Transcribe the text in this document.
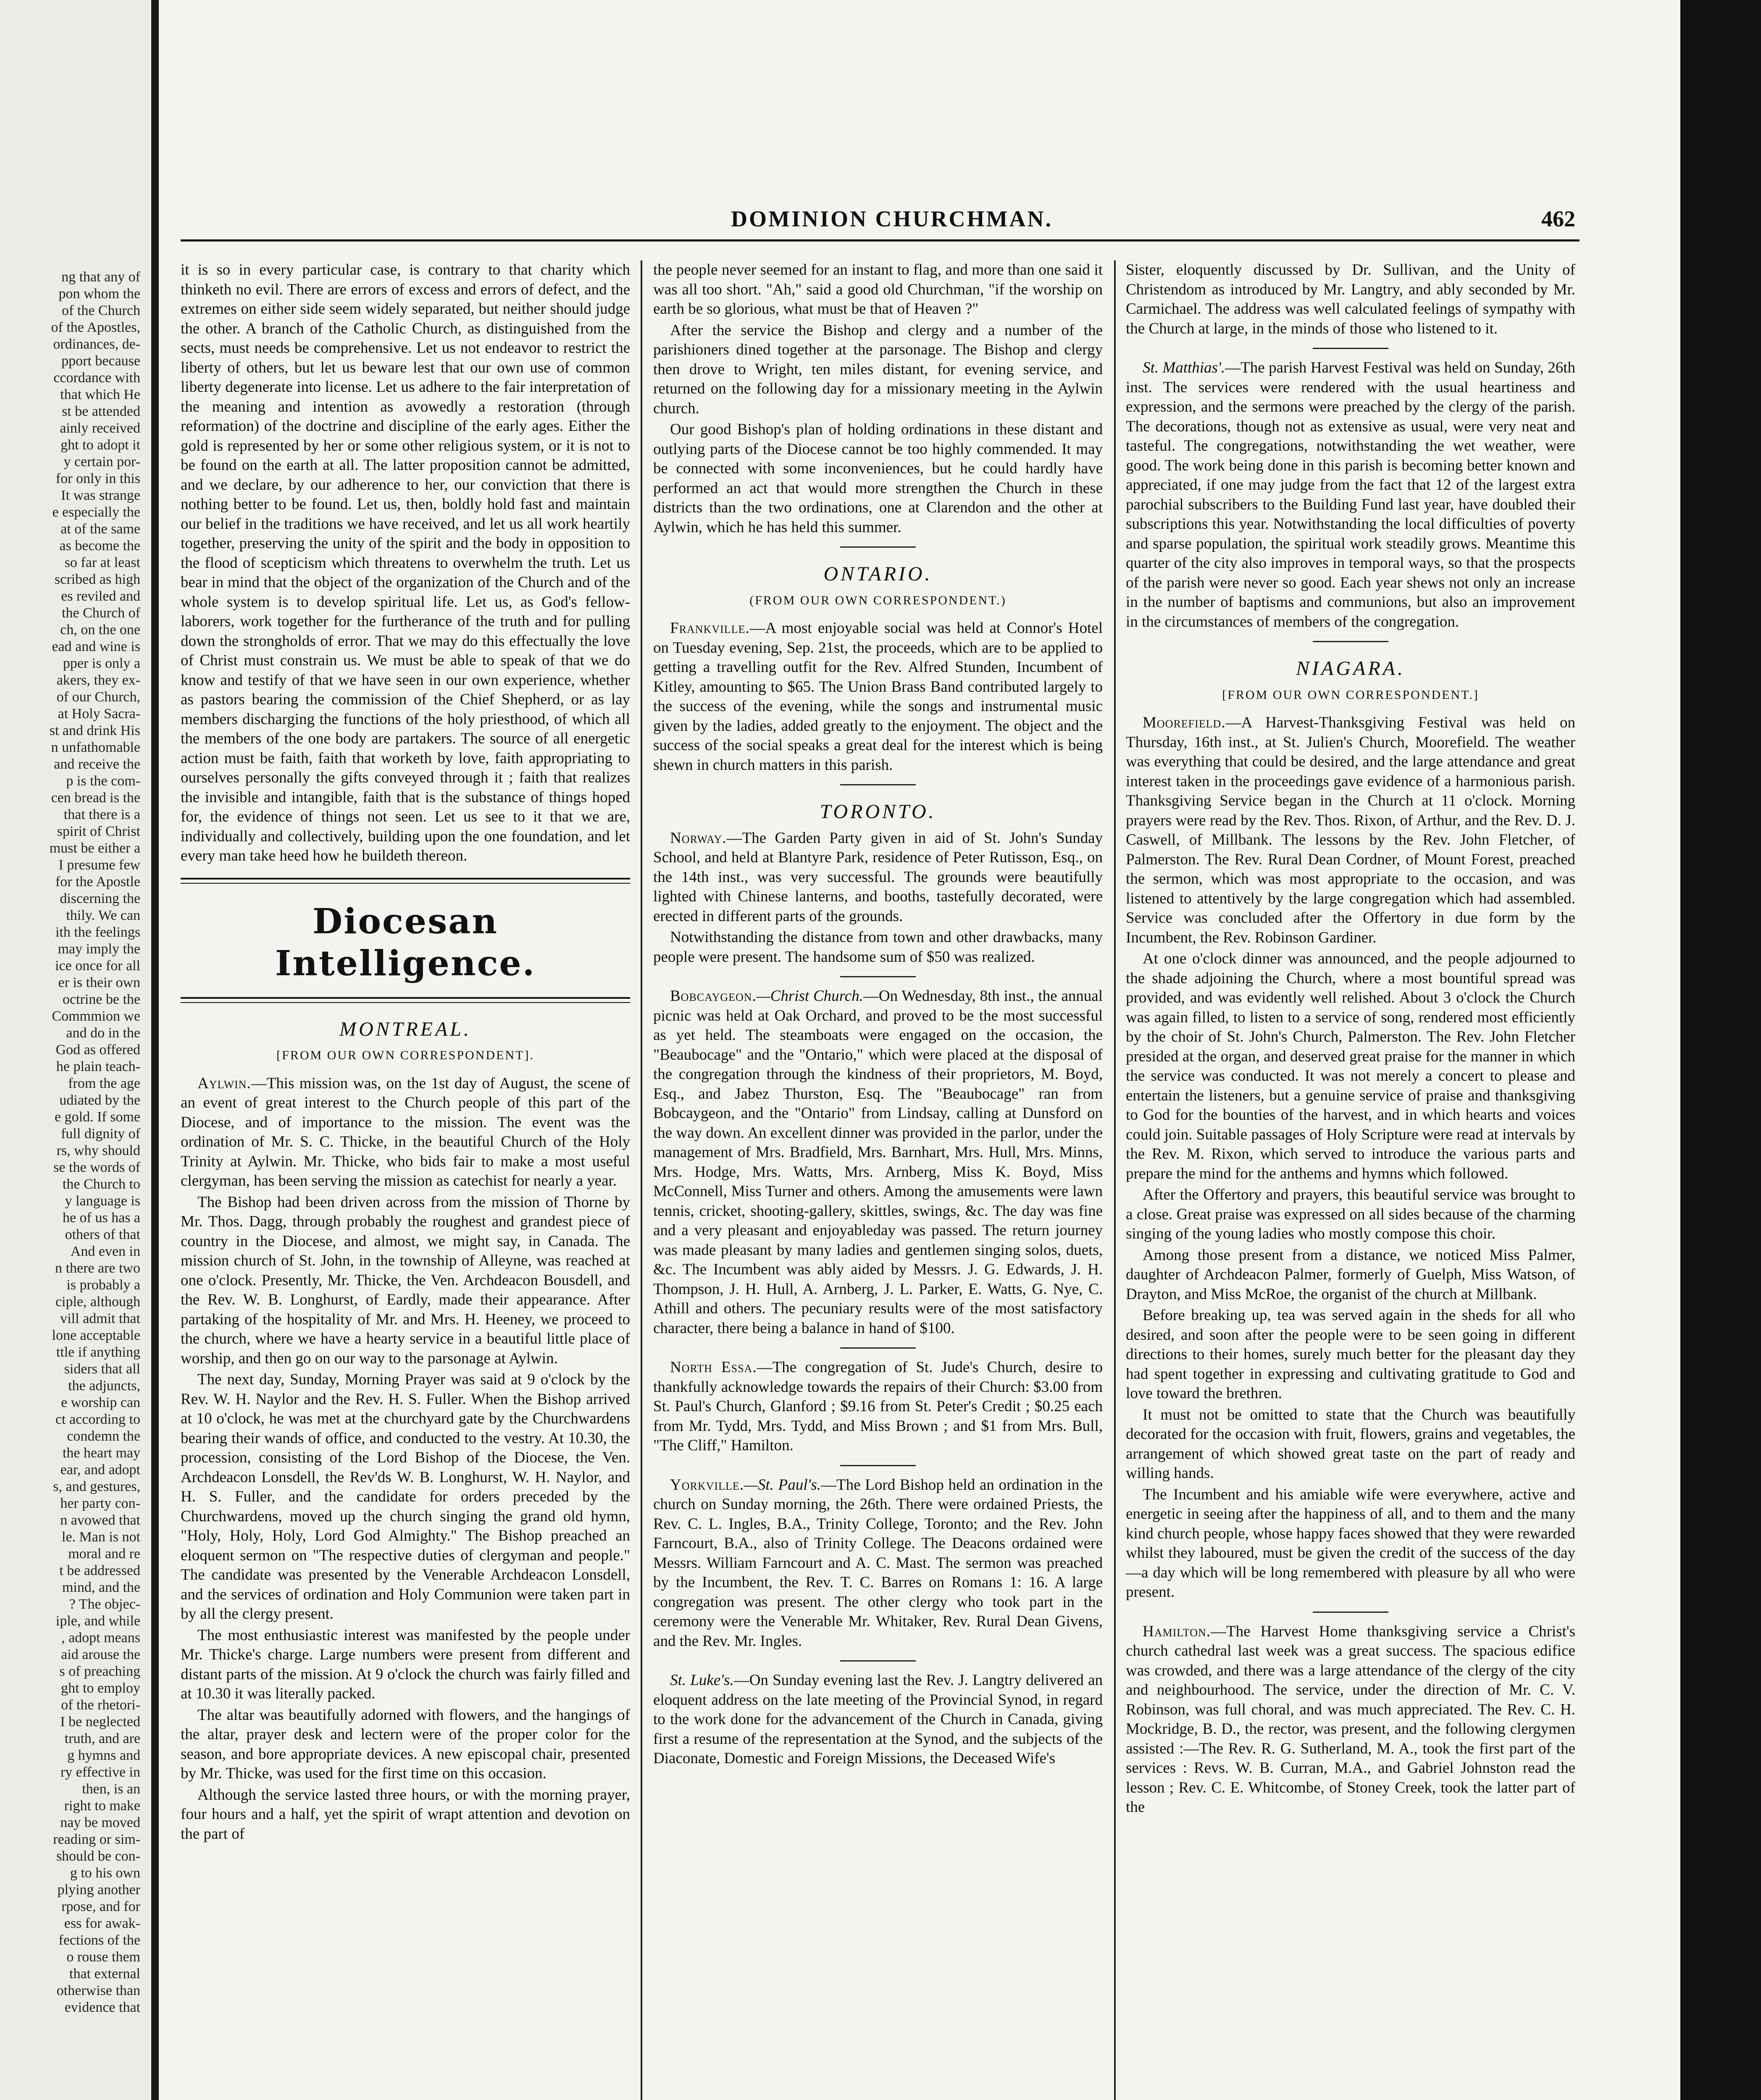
ng that any of
pon whom the
of the Church
of the Apostles,
ordinances, de-
pport because
ccordance with
that which He
st be attended
ainly received
ght to adopt it
y certain por-
for only in this
It was strange
e especially the
at of the same
as become the
so far at least
scribed as high
es reviled and
the Church of
ch, on the one
ead and wine is
pper is only a
akers, they ex-
of our Church,
at Holy Sacra-
st and drink His
n unfathomable
and receive the
p is the com-
cen bread is the
that there is a
spirit of Christ
must be either a
I presume few
for the Apostle
discerning the
thily. We can
ith the feelings
may imply the
ice once for all
er is their own
octrine be the
Commmion we
and do in the
God as offered
he plain teach-
from the age
udiated by the
e gold. If some
full dignity of
rs, why should
se the words of
the Church to
y language is
he of us has a
others of that
And even in
n there are two
is probably a
ciple, although
vill admit that
lone acceptable
ttle if anything
siders that all
the adjuncts,
e worship can
ct according to
condemn the
the heart may
ear, and adopt
s, and gestures,
her party con-
n avowed that
le. Man is not
moral and re
t be addressed
mind, and the
? The objec-
iple, and while
, adopt means
aid arouse the
s of preaching
ght to employ
of the rhetori-
I be neglected
truth, and are
g hymns and
ry effective in
then, is an
right to make
nay be moved
reading or sim-
should be con-
g to his own
plying another
rpose, and for
ess for awak-
fections of the
o rouse them
that external
otherwise than
evidence that
DOMINION CHURCHMAN.	462

it is so in every particular case, is contrary to that charity which thinketh no evil. There are errors of excess and errors of defect, and the extremes on either side seem widely separated, but neither should judge the other. A branch of the Catholic Church, as distinguished from the sects, must needs be comprehensive. Let us not endeavor to restrict the liberty of others, but let us beware lest that our own use of common liberty degenerate into license. Let us adhere to the fair interpretation of the meaning and intention as avowedly a restoration (through reformation) of the doctrine and discipline of the early ages. Either the gold is represented by her or some other religious system, or it is not to be found on the earth at all. The latter proposition cannot be admitted, and we declare, by our adherence to her, our conviction that there is nothing better to be found. Let us, then, boldly hold fast and maintain our belief in the traditions we have received, and let us all work heartily together, preserving the unity of the spirit and the body in opposition to the flood of scepticism which threatens to overwhelm the truth. Let us bear in mind that the object of the organization of the Church and of the whole system is to develop spiritual life. Let us, as God's fellow-laborers, work together for the furtherance of the truth and for pulling down the strongholds of error. That we may do this effectually the love of Christ must constrain us. We must be able to speak of that we do know and testify of that we have seen in our own experience, whether as pastors bearing the commission of the Chief Shepherd, or as lay members discharging the functions of the holy priesthood, of which all the members of the one body are partakers. The source of all energetic action must be faith, faith that worketh by love, faith appropriating to ourselves personally the gifts conveyed through it ; faith that realizes the invisible and intangible, faith that is the substance of things hoped for, the evidence of things not seen. Let us see to it that we are, individually and collectively, building upon the one foundation, and let every man take heed how he buildeth thereon.

Diocesan Intelligence.
MONTREAL.
[FROM OUR OWN CORRESPONDENT].

Aylwin.—This mission was, on the 1st day of August, the scene of an event of great interest to the Church people of this part of the Diocese, and of importance to the mission. The event was the ordination of Mr. S. C. Thicke, in the beautiful Church of the Holy Trinity at Aylwin. Mr. Thicke, who bids fair to make a most useful clergyman, has been serving the mission as catechist for nearly a year.

The Bishop had been driven across from the mission of Thorne by Mr. Thos. Dagg, through probably the roughest and grandest piece of country in the Diocese, and almost, we might say, in Canada. The mission church of St. John, in the township of Alleyne, was reached at one o'clock. Presently, Mr. Thicke, the Ven. Archdeacon Bousdell, and the Rev. W. B. Longhurst, of Eardly, made their appearance. After partaking of the hospitality of Mr. and Mrs. H. Heeney, we proceed to the church, where we have a hearty service in a beautiful little place of worship, and then go on our way to the parsonage at Aylwin.

The next day, Sunday, Morning Prayer was said at 9 o'clock by the Rev. W. H. Naylor and the Rev. H. S. Fuller. When the Bishop arrived at 10 o'clock, he was met at the churchyard gate by the Churchwardens bearing their wands of office, and conducted to the vestry. At 10.30, the procession, consisting of the Lord Bishop of the Diocese, the Ven. Archdeacon Lonsdell, the Rev'ds W. B. Longhurst, W. H. Naylor, and H. S. Fuller, and the candidate for orders preceded by the Churchwardens, moved up the church singing the grand old hymn, "Holy, Holy, Holy, Lord God Almighty." The Bishop preached an eloquent sermon on "The respective duties of clergyman and people." The candidate was presented by the Venerable Archdeacon Lonsdell, and the services of ordination and Holy Communion were taken part in by all the clergy present.

The most enthusiastic interest was manifested by the people under Mr. Thicke's charge. Large numbers were present from different and distant parts of the mission. At 9 o'clock the church was fairly filled and at 10.30 it was literally packed.

The altar was beautifully adorned with flowers, and the hangings of the altar, prayer desk and lectern were of the proper color for the season, and bore appropriate devices. A new episcopal chair, presented by Mr. Thicke, was used for the first time on this occasion.

Although the service lasted three hours, or with the morning prayer, four hours and a half, yet the spirit of wrapt attention and devotion on the part of

the people never seemed for an instant to flag, and more than one said it was all too short. "Ah," said a good old Churchman, "if the worship on earth be so glorious, what must be that of Heaven ?"

After the service the Bishop and clergy and a number of the parishioners dined together at the parsonage. The Bishop and clergy then drove to Wright, ten miles distant, for evening service, and returned on the following day for a missionary meeting in the Aylwin church.

Our good Bishop's plan of holding ordinations in these distant and outlying parts of the Diocese cannot be too highly commended. It may be connected with some inconveniences, but he could hardly have performed an act that would more strengthen the Church in these districts than the two ordinations, one at Clarendon and the other at Aylwin, which he has held this summer.

ONTARIO.
(FROM OUR OWN CORRESPONDENT.)

Frankville.—A most enjoyable social was held at Connor's Hotel on Tuesday evening, Sep. 21st, the proceeds, which are to be applied to getting a travelling outfit for the Rev. Alfred Stunden, Incumbent of Kitley, amounting to $65. The Union Brass Band contributed largely to the success of the evening, while the songs and instrumental music given by the ladies, added greatly to the enjoyment. The object and the success of the social speaks a great deal for the interest which is being shewn in church matters in this parish.

TORONTO.

Norway.—The Garden Party given in aid of St. John's Sunday School, and held at Blantyre Park, residence of Peter Rutisson, Esq., on the 14th inst., was very successful. The grounds were beautifully lighted with Chinese lanterns, and booths, tastefully decorated, were erected in different parts of the grounds.

Notwithstanding the distance from town and other drawbacks, many people were present. The handsome sum of $50 was realized.

Bobcaygeon.—Christ Church.—On Wednesday, 8th inst., the annual picnic was held at Oak Orchard, and proved to be the most successful as yet held. The steamboats were engaged on the occasion, the "Beaubocage" and the "Ontario," which were placed at the disposal of the congregation through the kindness of their proprietors, M. Boyd, Esq., and Jabez Thurston, Esq. The "Beaubocage" ran from Bobcaygeon, and the "Ontario" from Lindsay, calling at Dunsford on the way down. An excellent dinner was provided in the parlor, under the management of Mrs. Bradfield, Mrs. Barnhart, Mrs. Hull, Mrs. Minns, Mrs. Hodge, Mrs. Watts, Mrs. Arnberg, Miss K. Boyd, Miss McConnell, Miss Turner and others. Among the amusements were lawn tennis, cricket, shooting-gallery, skittles, swings, &c. The day was fine and a very pleasant and enjoyableday was passed. The return journey was made pleasant by many ladies and gentlemen singing solos, duets, &c. The Incumbent was ably aided by Messrs. J. G. Edwards, J. H. Thompson, J. H. Hull, A. Arnberg, J. L. Parker, E. Watts, G. Nye, C. Athill and others. The pecuniary results were of the most satisfactory character, there being a balance in hand of $100.

North Essa.—The congregation of St. Jude's Church, desire to thankfully acknowledge towards the repairs of their Church: $3.00 from St. Paul's Church, Glanford ; $9.16 from St. Peter's Credit ; $0.25 each from Mr. Tydd, Mrs. Tydd, and Miss Brown ; and $1 from Mrs. Bull, "The Cliff," Hamilton.

Yorkville.—St. Paul's.—The Lord Bishop held an ordination in the church on Sunday morning, the 26th. There were ordained Priests, the Rev. C. L. Ingles, B.A., Trinity College, Toronto; and the Rev. John Farncourt, B.A., also of Trinity College. The Deacons ordained were Messrs. William Farncourt and A. C. Mast. The sermon was preached by the Incumbent, the Rev. T. C. Barres on Romans 1: 16. A large congregation was present. The other clergy who took part in the ceremony were the Venerable Mr. Whitaker, Rev. Rural Dean Givens, and the Rev. Mr. Ingles.

St. Luke's.—On Sunday evening last the Rev. J. Langtry delivered an eloquent address on the late meeting of the Provincial Synod, in regard to the work done for the advancement of the Church in Canada, giving first a resume of the representation at the Synod, and the subjects of the Diaconate, Domestic and Foreign Missions, the Deceased Wife's

Sister, eloquently discussed by Dr. Sullivan, and the Unity of Christendom as introduced by Mr. Langtry, and ably seconded by Mr. Carmichael. The address was well calculated feelings of sympathy with the Church at large, in the minds of those who listened to it.

St. Matthias'.—The parish Harvest Festival was held on Sunday, 26th inst. The services were rendered with the usual heartiness and expression, and the sermons were preached by the clergy of the parish. The decorations, though not as extensive as usual, were very neat and tasteful. The congregations, notwithstanding the wet weather, were good. The work being done in this parish is becoming better known and appreciated, if one may judge from the fact that 12 of the largest extra parochial subscribers to the Building Fund last year, have doubled their subscriptions this year. Notwithstanding the local difficulties of poverty and sparse population, the spiritual work steadily grows. Meantime this quarter of the city also improves in temporal ways, so that the prospects of the parish were never so good. Each year shews not only an increase in the number of baptisms and communions, but also an improvement in the circumstances of members of the congregation.

NIAGARA.
[FROM OUR OWN CORRESPONDENT.]

Moorefield.—A Harvest-Thanksgiving Festival was held on Thursday, 16th inst., at St. Julien's Church, Moorefield. The weather was everything that could be desired, and the large attendance and great interest taken in the proceedings gave evidence of a harmonious parish. Thanksgiving Service began in the Church at 11 o'clock. Morning prayers were read by the Rev. Thos. Rixon, of Arthur, and the Rev. D. J. Caswell, of Millbank. The lessons by the Rev. John Fletcher, of Palmerston. The Rev. Rural Dean Cordner, of Mount Forest, preached the sermon, which was most appropriate to the occasion, and was listened to attentively by the large congregation which had assembled. Service was concluded after the Offertory in due form by the Incumbent, the Rev. Robinson Gardiner.

At one o'clock dinner was announced, and the people adjourned to the shade adjoining the Church, where a most bountiful spread was provided, and was evidently well relished. About 3 o'clock the Church was again filled, to listen to a service of song, rendered most efficiently by the choir of St. John's Church, Palmerston. The Rev. John Fletcher presided at the organ, and deserved great praise for the manner in which the service was conducted. It was not merely a concert to please and entertain the listeners, but a genuine service of praise and thanksgiving to God for the bounties of the harvest, and in which hearts and voices could join. Suitable passages of Holy Scripture were read at intervals by the Rev. M. Rixon, which served to introduce the various parts and prepare the mind for the anthems and hymns which followed.

After the Offertory and prayers, this beautiful service was brought to a close. Great praise was expressed on all sides because of the charming singing of the young ladies who mostly compose this choir.

Among those present from a distance, we noticed Miss Palmer, daughter of Archdeacon Palmer, formerly of Guelph, Miss Watson, of Drayton, and Miss McRoe, the organist of the church at Millbank.

Before breaking up, tea was served again in the sheds for all who desired, and soon after the people were to be seen going in different directions to their homes, surely much better for the pleasant day they had spent together in expressing and cultivating gratitude to God and love toward the brethren.

It must not be omitted to state that the Church was beautifully decorated for the occasion with fruit, flowers, grains and vegetables, the arrangement of which showed great taste on the part of ready and willing hands.

The Incumbent and his amiable wife were everywhere, active and energetic in seeing after the happiness of all, and to them and the many kind church people, whose happy faces showed that they were rewarded whilst they laboured, must be given the credit of the success of the day—a day which will be long remembered with pleasure by all who were present.

Hamilton.—The Harvest Home thanksgiving service a Christ's church cathedral last week was a great success. The spacious edifice was crowded, and there was a large attendance of the clergy of the city and neighbourhood. The service, under the direction of Mr. C. V. Robinson, was full choral, and was much appreciated. The Rev. C. H. Mockridge, B. D., the rector, was present, and the following clergymen assisted :—The Rev. R. G. Sutherland, M. A., took the first part of the services : Revs. W. B. Curran, M.A., and Gabriel Johnston read the lesson ; Rev. C. E. Whitcombe, of Stoney Creek, took the latter part of the
